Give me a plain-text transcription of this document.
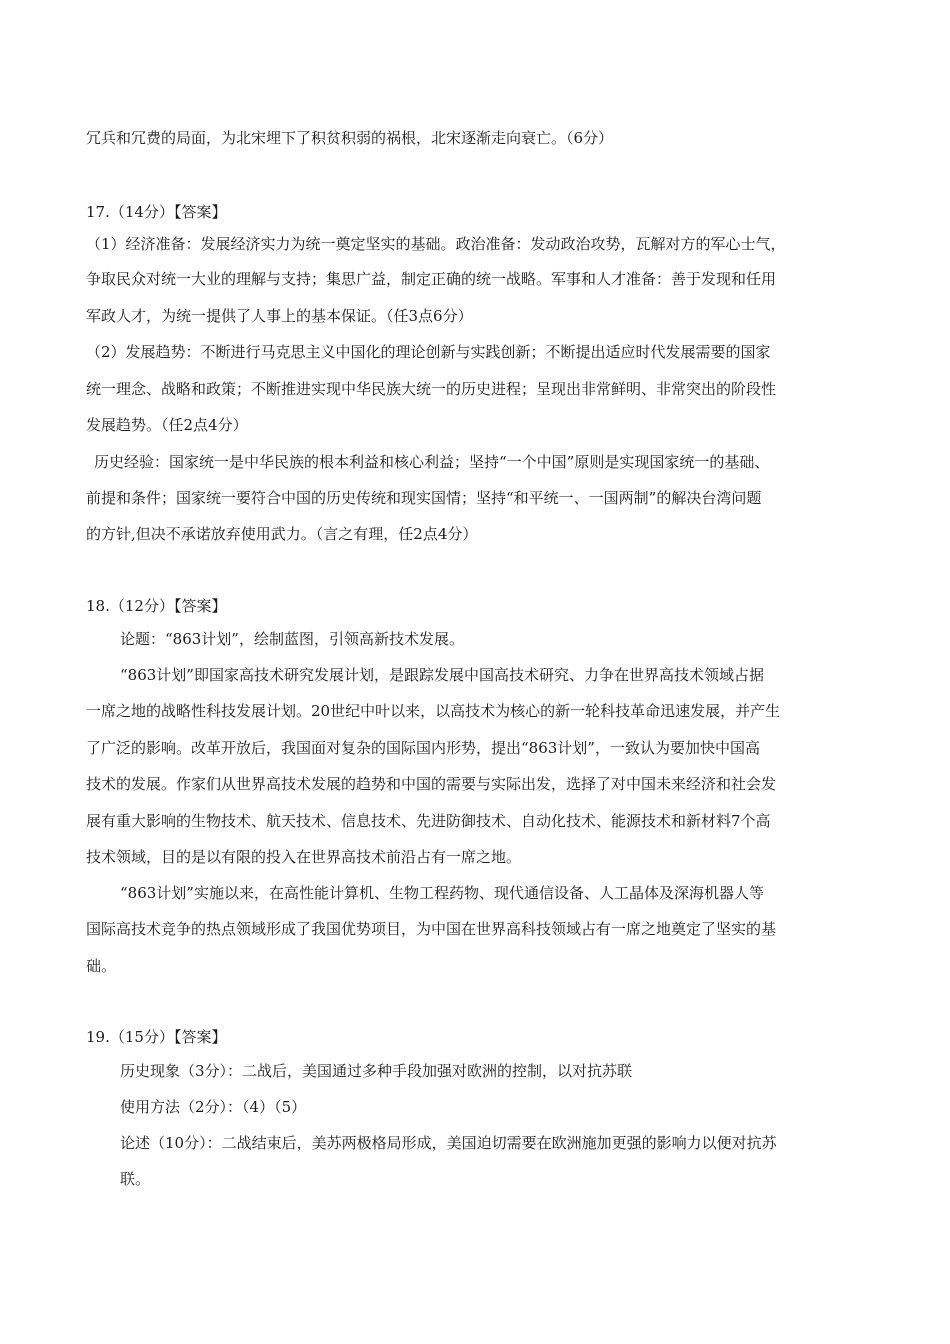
冗兵和冗费的局面，为北宋埋下了积贫积弱的祸根，北宋逐渐走向衰亡。（6分）
17.（14分）【答案】
（1）经济准备：发展经济实力为统一奠定坚实的基础。政治准备：发动政治攻势，瓦解对方的军心士气，
争取民众对统一大业的理解与支持；集思广益，制定正确的统一战略。军事和人才准备：善于发现和任用
军政人才，为统一提供了人事上的基本保证。（任3点6分）
（2）发展趋势：不断进行马克思主义中国化的理论创新与实践创新；不断提出适应时代发展需要的国家
统一理念、战略和政策；不断推进实现中华民族大统一的历史进程；呈现出非常鲜明、非常突出的阶段性
发展趋势。（任2点4分）
历史经验：国家统一是中华民族的根本利益和核心利益；坚持“一个中国”原则是实现国家统一的基础、
前提和条件；国家统一要符合中国的历史传统和现实国情；坚持“和平统一、一国两制”的解决台湾问题
的方针,但决不承诺放弃使用武力。（言之有理，任2点4分）
18.（12分）【答案】
论题：“863计划”，绘制蓝图，引领高新技术发展。
“863计划”即国家高技术研究发展计划，是跟踪发展中国高技术研究、力争在世界高技术领域占据
一席之地的战略性科技发展计划。20世纪中叶以来，以高技术为核心的新一轮科技革命迅速发展，并产生
了广泛的影响。改革开放后，我国面对复杂的国际国内形势，提出“863计划”，一致认为要加快中国高
技术的发展。作家们从世界高技术发展的趋势和中国的需要与实际出发，选择了对中国未来经济和社会发
展有重大影响的生物技术、航天技术、信息技术、先进防御技术、自动化技术、能源技术和新材料7个高
技术领域，目的是以有限的投入在世界高技术前沿占有一席之地。
“863计划”实施以来，在高性能计算机、生物工程药物、现代通信设备、人工晶体及深海机器人等
国际高技术竞争的热点领域形成了我国优势项目，为中国在世界高科技领域占有一席之地奠定了坚实的基
础。
19.（15分）【答案】
历史现象（3分）：二战后，美国通过多种手段加强对欧洲的控制，以对抗苏联
使用方法（2分）：（4）（5）
论述（10分）：二战结束后，美苏两极格局形成，美国迫切需要在欧洲施加更强的影响力以便对抗苏
联。
